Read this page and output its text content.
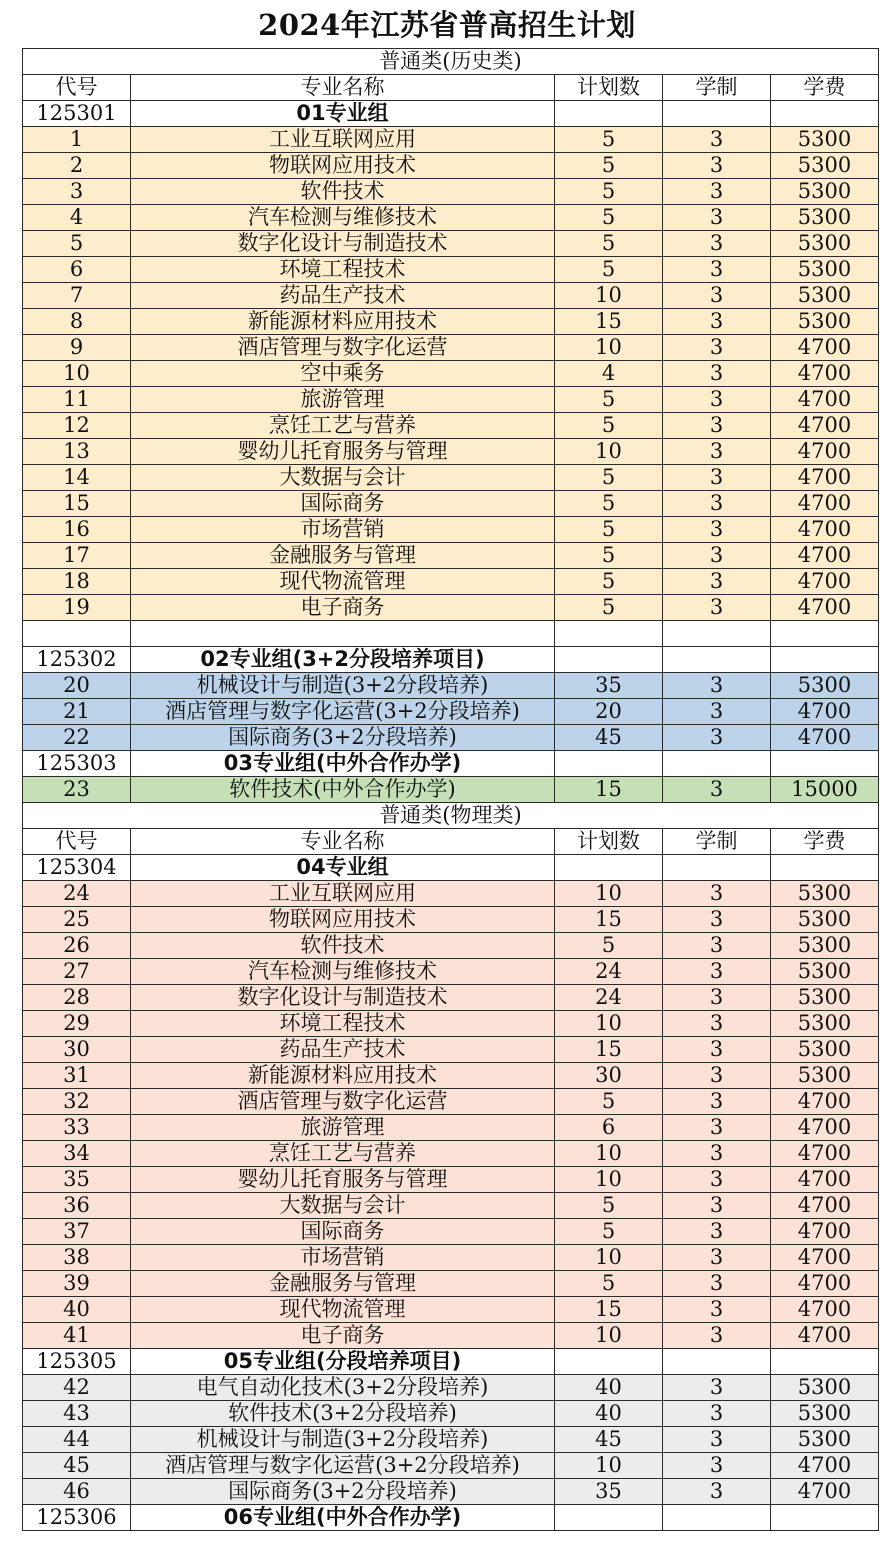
2024年江苏省普高招生计划
普通类(历史类)				
代号	专业名称	计划数	学制	学费
125301	01专业组			
1	工业互联网应用	5	3	5300
2	物联网应用技术	5	3	5300
3	软件技术	5	3	5300
4	汽车检测与维修技术	5	3	5300
5	数字化设计与制造技术	5	3	5300
6	环境工程技术	5	3	5300
7	药品生产技术	10	3	5300
8	新能源材料应用技术	15	3	5300
9	酒店管理与数字化运营	10	3	4700
10	空中乘务	4	3	4700
11	旅游管理	5	3	4700
12	烹饪工艺与营养	5	3	4700
13	婴幼儿托育服务与管理	10	3	4700
14	大数据与会计	5	3	4700
15	国际商务	5	3	4700
16	市场营销	5	3	4700
17	金融服务与管理	5	3	4700
18	现代物流管理	5	3	4700
19	电子商务	5	3	4700

125302	02专业组(3+2分段培养项目)			
20	机械设计与制造(3+2分段培养)	35	3	5300
21	酒店管理与数字化运营(3+2分段培养)	20	3	4700
22	国际商务(3+2分段培养)	45	3	4700
125303	03专业组(中外合作办学)			
23	软件技术(中外合作办学)	15	3	15000
普通类(物理类)				
代号	专业名称	计划数	学制	学费
125304	04专业组			
24	工业互联网应用	10	3	5300
25	物联网应用技术	15	3	5300
26	软件技术	5	3	5300
27	汽车检测与维修技术	24	3	5300
28	数字化设计与制造技术	24	3	5300
29	环境工程技术	10	3	5300
30	药品生产技术	15	3	5300
31	新能源材料应用技术	30	3	5300
32	酒店管理与数字化运营	5	3	4700
33	旅游管理	6	3	4700
34	烹饪工艺与营养	10	3	4700
35	婴幼儿托育服务与管理	10	3	4700
36	大数据与会计	5	3	4700
37	国际商务	5	3	4700
38	市场营销	10	3	4700
39	金融服务与管理	5	3	4700
40	现代物流管理	15	3	4700
41	电子商务	10	3	4700
125305	05专业组(分段培养项目)			
42	电气自动化技术(3+2分段培养)	40	3	5300
43	软件技术(3+2分段培养)	40	3	5300
44	机械设计与制造(3+2分段培养)	45	3	5300
45	酒店管理与数字化运营(3+2分段培养)	10	3	4700
46	国际商务(3+2分段培养)	35	3	4700
125306	06专业组(中外合作办学)			
